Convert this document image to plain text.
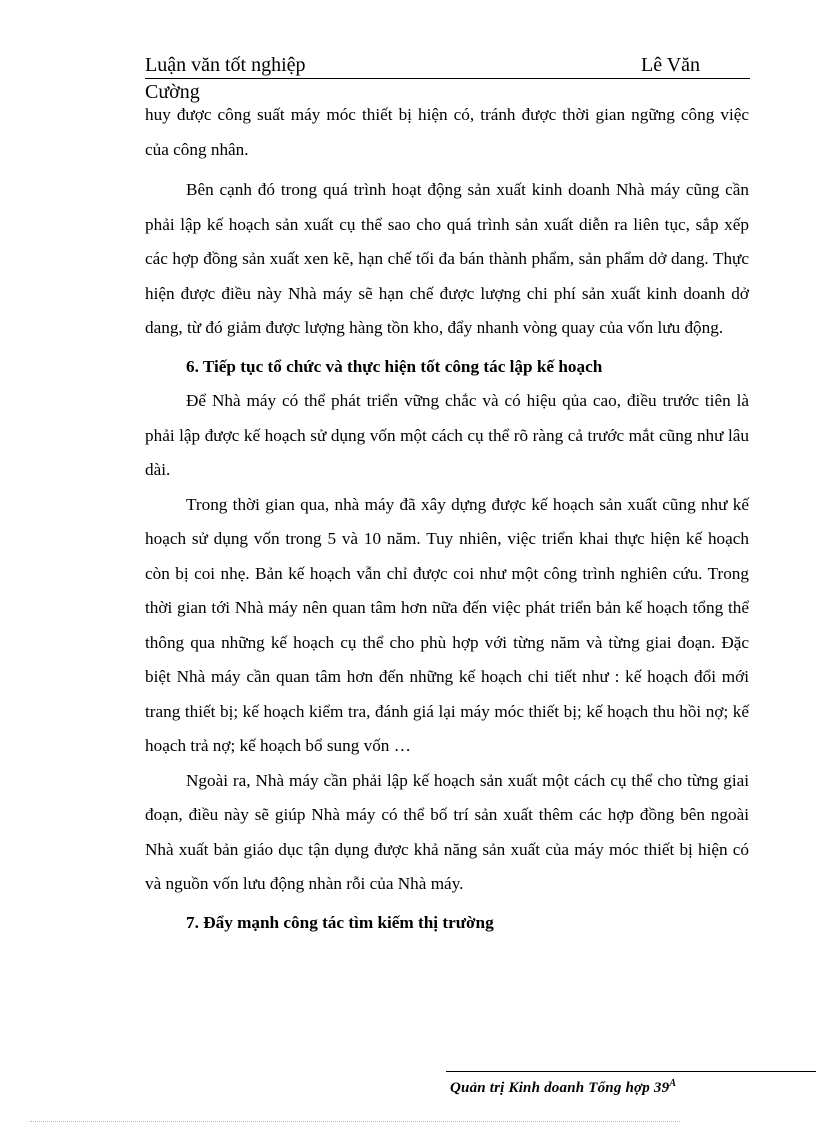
Luận văn tốt nghiệp	Lê Văn
Cường

huy được công suất máy móc thiết bị hiện có, tránh được thời gian ngững công việc của công nhân.

Bên cạnh đó trong quá trình hoạt động sản xuất kinh doanh Nhà máy cũng cần phải lập kế hoạch sản xuất cụ thể sao cho quá trình sản xuất diễn ra liên tục, sắp xếp các hợp đồng sản xuất xen kẽ, hạn chế tối đa bán thành phẩm, sản phẩm dở dang. Thực hiện được điều này Nhà máy sẽ hạn chế được lượng chi phí sản xuất kinh doanh dở dang, từ đó giảm được lượng hàng tồn kho, đẩy nhanh vòng quay của vốn lưu động.

6. Tiếp tục tổ chức và thực hiện tốt công tác lập kế hoạch

Để Nhà máy có thể phát triển vững chắc và có hiệu qủa cao, điều trước tiên là phải lập được kế hoạch sử dụng vốn một cách cụ thể rõ ràng cả trước mắt cũng như lâu dài.

Trong thời gian qua, nhà máy đã xây dựng được kế hoạch sản xuất cũng như kế hoạch sử dụng vốn trong 5 và 10 năm. Tuy nhiên, việc triển khai thực hiện kế hoạch còn bị coi nhẹ. Bản kế hoạch vẫn chỉ được coi như một công trình nghiên cứu. Trong thời gian tới Nhà máy nên quan tâm hơn nữa đến việc phát triển bản kế hoạch tổng thể thông qua những kế hoạch cụ thể cho phù hợp với từng năm và từng giai đoạn. Đặc biệt Nhà máy cần quan tâm hơn đến những kế hoạch chi tiết như : kế hoạch đổi mới trang thiết bị; kế hoạch kiểm tra, đánh giá lại máy móc thiết bị; kế hoạch thu hồi nợ; kế hoạch trả nợ; kế hoạch bổ sung vốn …

Ngoài ra, Nhà máy cần phải lập kế hoạch sản xuất một cách cụ thể cho từng giai đoạn, điều này sẽ giúp Nhà máy có thể bố trí sản xuất thêm các hợp đồng bên ngoài Nhà xuất bản giáo dục tận dụng được khả năng sản xuất của máy móc thiết bị hiện có và nguồn vốn lưu động nhàn rỗi của Nhà máy.

7. Đẩy mạnh công tác tìm kiếm thị trường
Quản trị Kinh doanh Tổng hợp $39^A$
